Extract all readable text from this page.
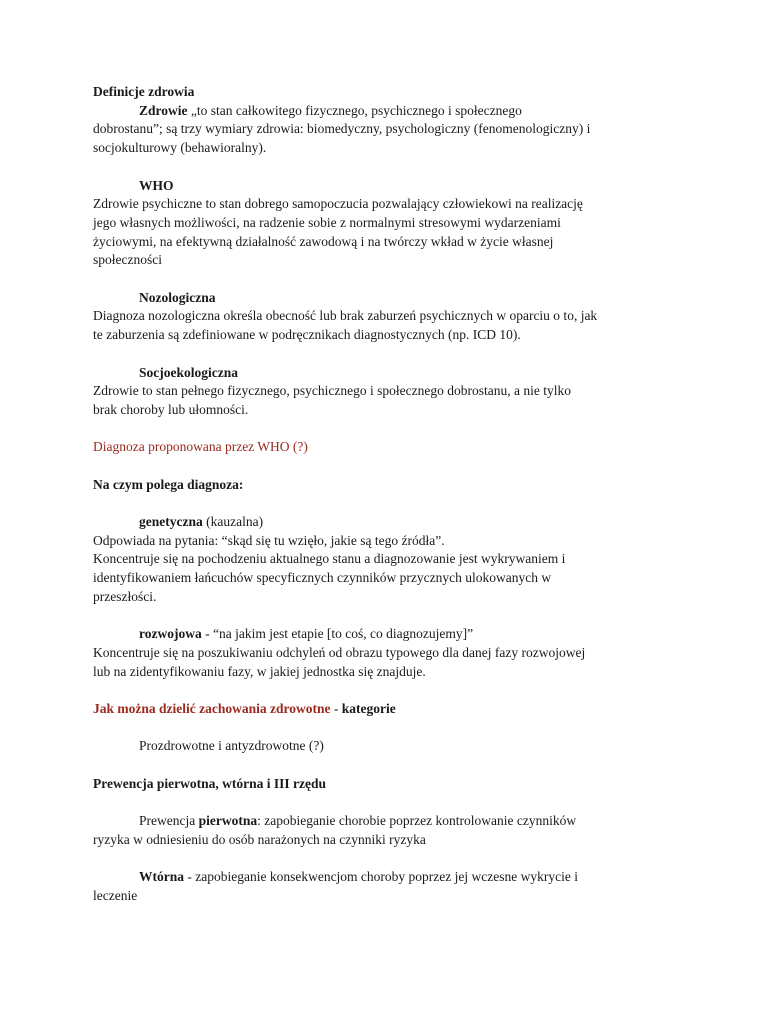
Definicje zdrowia

Zdrowie „to stan całkowitego fizycznego, psychicznego i społecznego

dobrostanu”; są trzy wymiary zdrowia: biomedyczny, psychologiczny (fenomenologiczny) i

socjokulturowy (behawioralny).

WHO

Zdrowie psychiczne to stan dobrego samopoczucia pozwalający człowiekowi na realizację

jego własnych możliwości, na radzenie sobie z normalnymi stresowymi wydarzeniami

życiowymi, na efektywną działalność zawodową i na twórczy wkład w życie własnej

społeczności

Nozologiczna

Diagnoza nozologiczna określa obecność lub brak zaburzeń psychicznych w oparciu o to, jak

te zaburzenia są zdefiniowane w podręcznikach diagnostycznych (np. ICD 10).

Socjoekologiczna

Zdrowie to stan pełnego fizycznego, psychicznego i społecznego dobrostanu, a nie tylko

brak choroby lub ułomności.

Diagnoza proponowana przez WHO (?)

Na czym polega diagnoza:

genetyczna (kauzalna)

Odpowiada na pytania: “skąd się tu wzięło, jakie są tego źródła”.

Koncentruje się na pochodzeniu aktualnego stanu a diagnozowanie jest wykrywaniem i

identyfikowaniem łańcuchów specyficznych czynników przycznych ulokowanych w

przeszłości.

rozwojowa - “na jakim jest etapie [to coś, co diagnozujemy]”

Koncentruje się na poszukiwaniu odchyleń od obrazu typowego dla danej fazy rozwojowej

lub na zidentyfikowaniu fazy, w jakiej jednostka się znajduje.

Jak można dzielić zachowania zdrowotne - kategorie

Prozdrowotne i antyzdrowotne (?)

Prewencja pierwotna, wtórna i III rzędu

Prewencja pierwotna: zapobieganie chorobie poprzez kontrolowanie czynników

ryzyka w odniesieniu do osób narażonych na czynniki ryzyka

Wtórna - zapobieganie konsekwencjom choroby poprzez jej wczesne wykrycie i

leczenie
